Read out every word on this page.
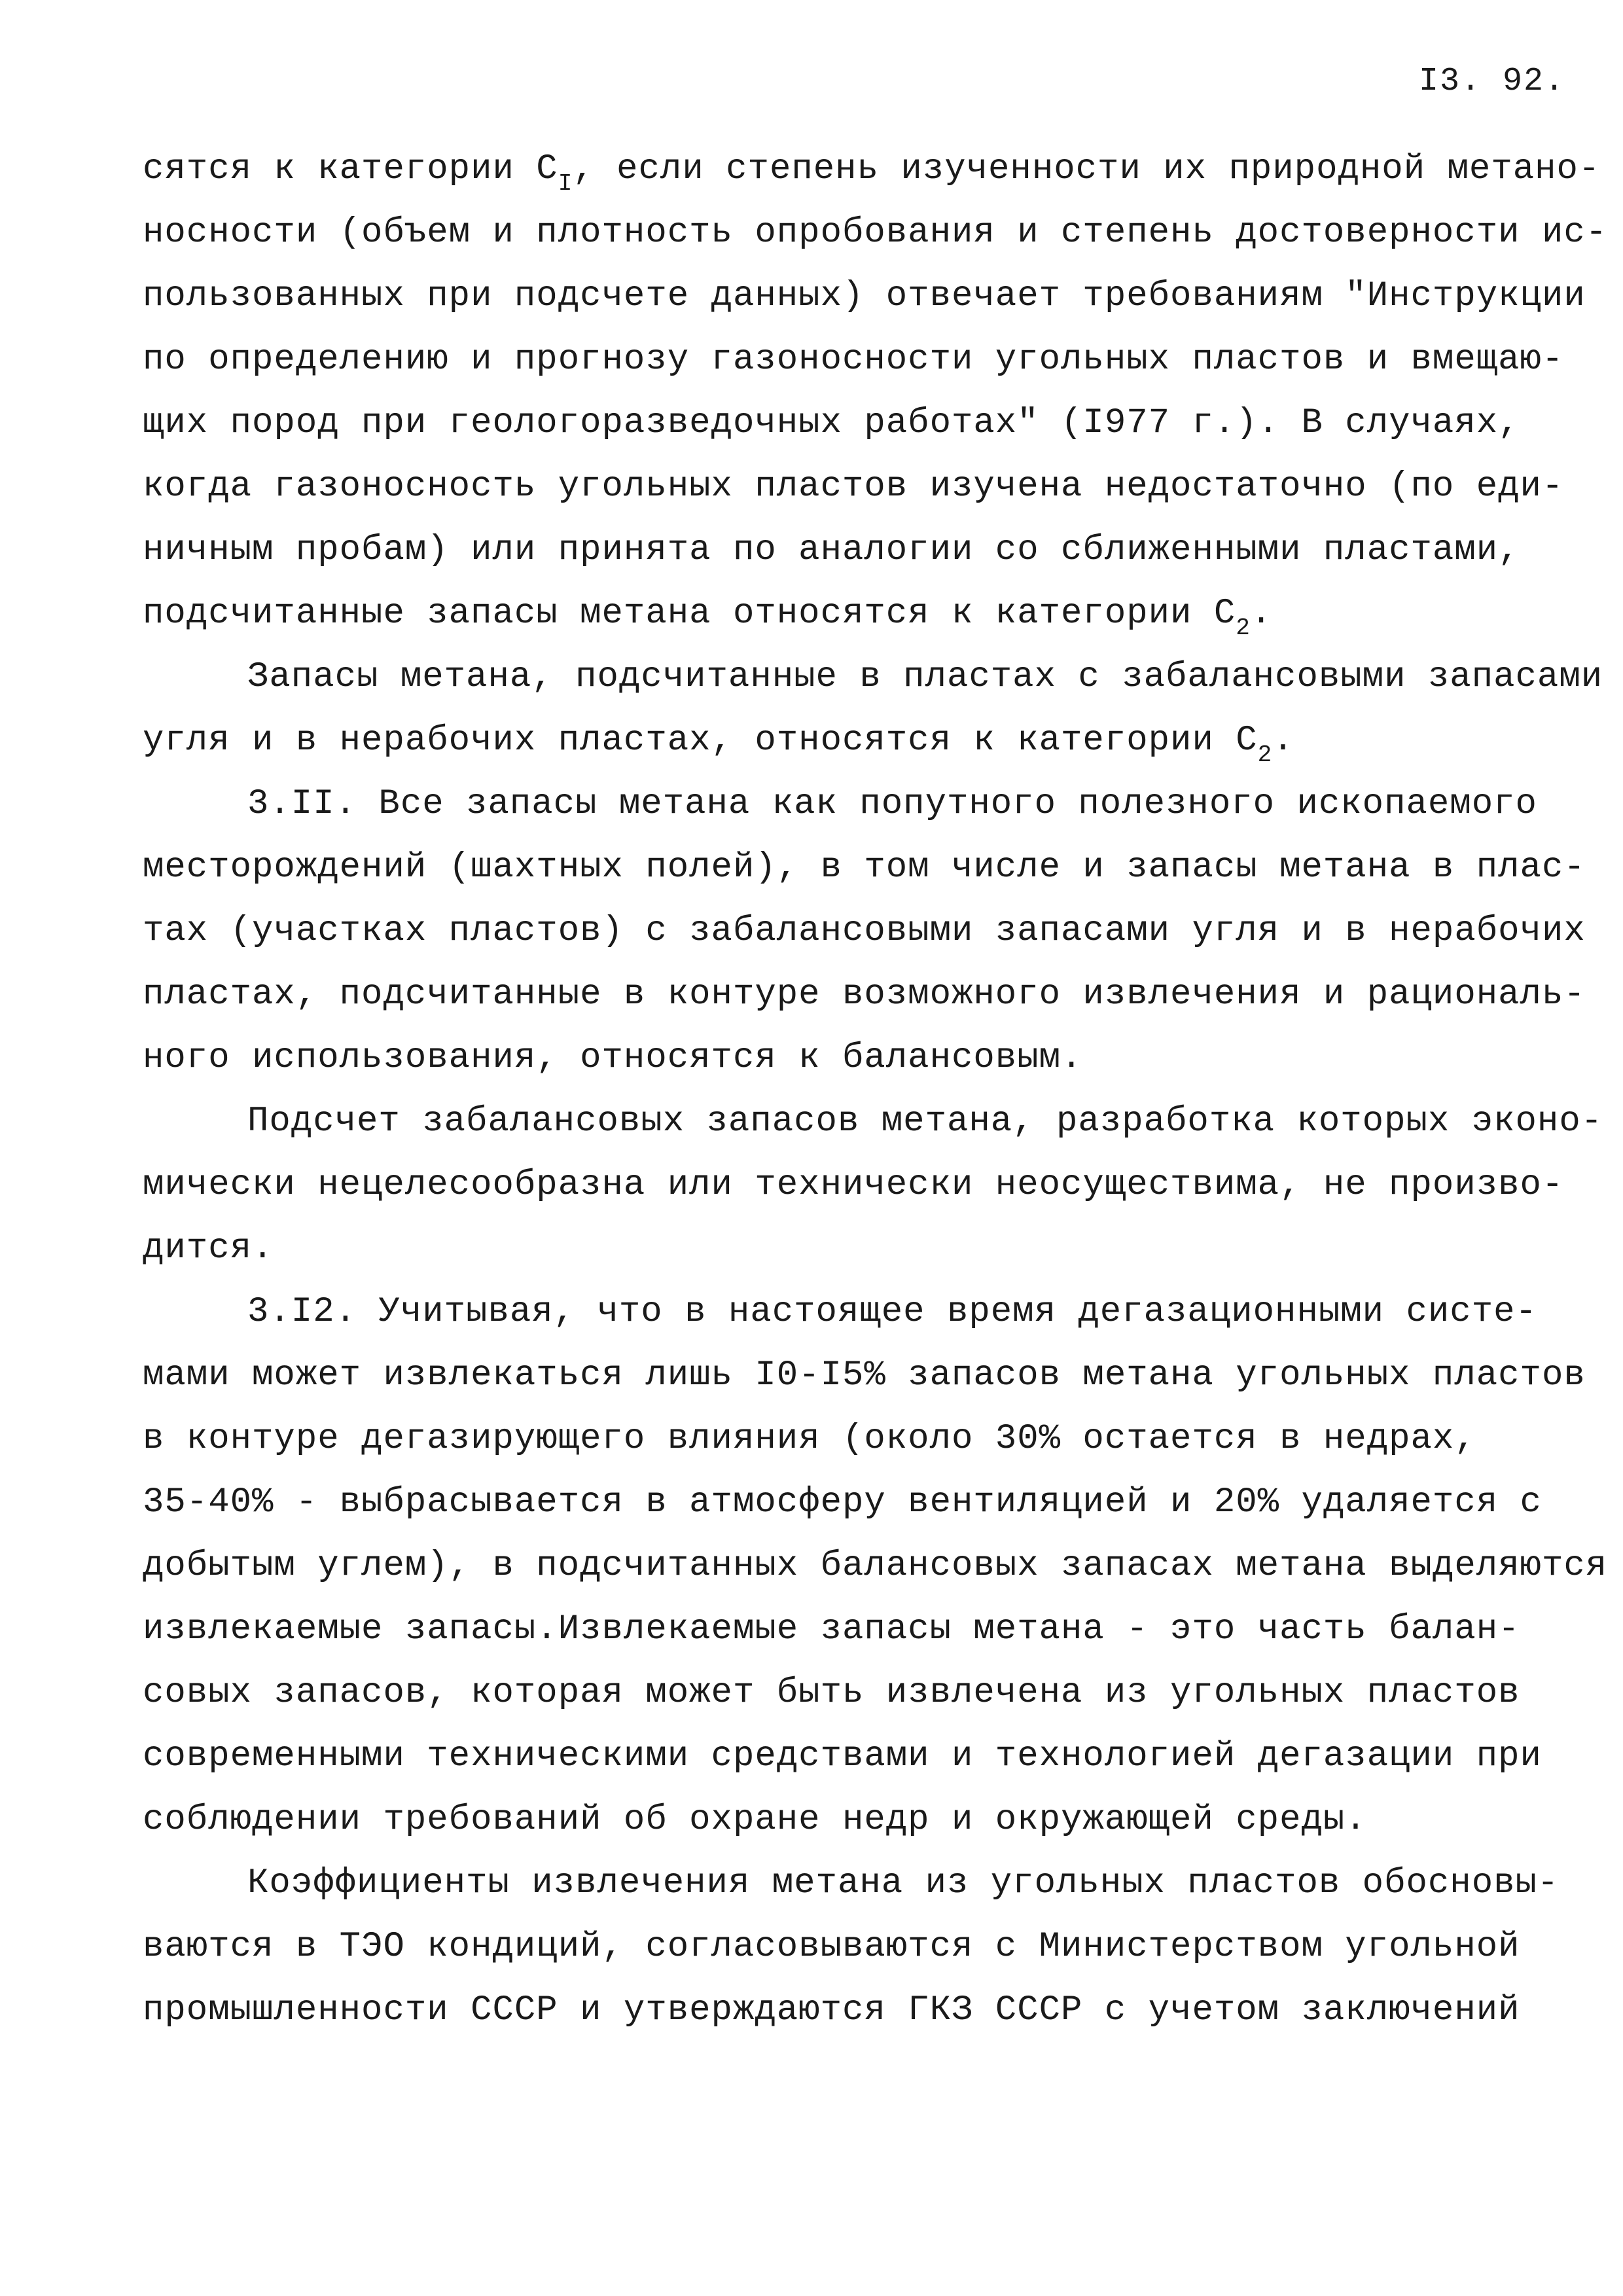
I3. 92.
сятся к категории $С_I$, если степень изученности их природной метано-
носности (объем и плотность опробования и степень достоверности ис-
пользованных при подсчете данных) отвечает требованиям "Инструкции
по определению и прогнозу газоносности угольных пластов и вмещаю-
щих пород при геологоразведочных работах" (I977 г.). В случаях,
когда газоносность угольных пластов изучена недостаточно (по еди-
ничным пробам) или принята по аналогии со сближенными пластами,
подсчитанные запасы метана относятся к категории $С_2$.
Запасы метана, подсчитанные в пластах с забалансовыми запасами
угля и в нерабочих пластах, относятся к категории $С_2$.
3.II. Все запасы метана как попутного полезного ископаемого
месторождений (шахтных полей), в том числе и запасы метана в плас-
тах (участках пластов) с забалансовыми запасами угля и в нерабочих
пластах, подсчитанные в контуре возможного извлечения и рациональ-
ного использования, относятся к балансовым.
Подсчет забалансовых запасов метана, разработка которых эконо-
мически нецелесообразна или технически неосуществима, не произво-
дится.
3.I2. Учитывая, что в настоящее время дегазационными систе-
мами может извлекаться лишь I0-I5% запасов метана угольных пластов
в контуре дегазирующего влияния (около 30% остается в недрах,
35-40% - выбрасывается в атмосферу вентиляцией и 20% удаляется с
добытым углем), в подсчитанных балансовых запасах метана выделяются
извлекаемые запасы.Извлекаемые запасы метана - это часть балан-
совых запасов, которая может быть извлечена из угольных пластов
современными техническими средствами и технологией дегазации при
соблюдении требований об охране недр и окружающей среды.
Коэффициенты извлечения метана из угольных пластов обосновы-
ваются в ТЭО кондиций, согласовываются с Министерством угольной
промышленности СССР и утверждаются ГКЗ СССР с учетом заключений
